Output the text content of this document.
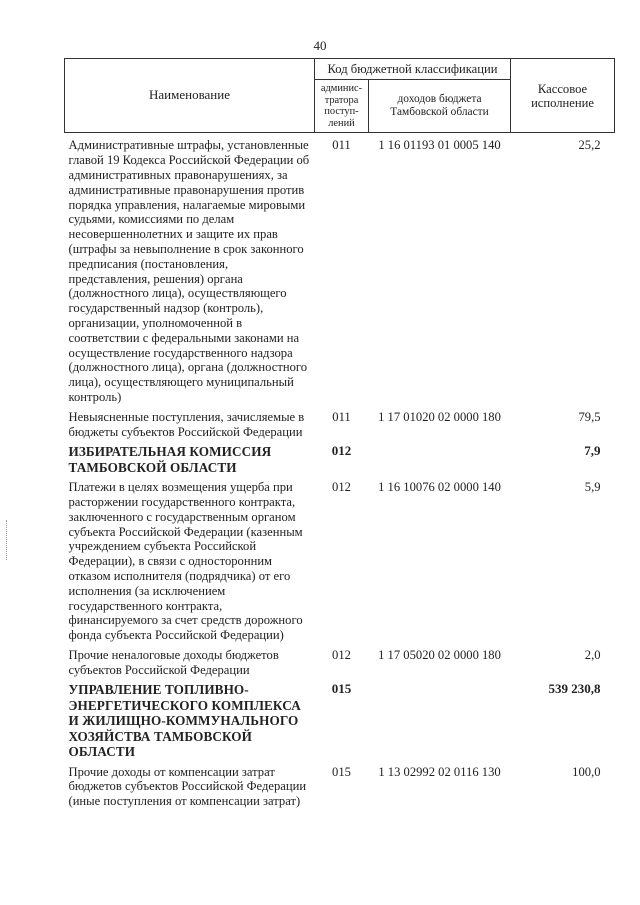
40
Наименование	Код бюджетной классификации		Кассовое исполнение
	админис-тратора поступ-лений	доходов бюджета Тамбовской области	
Административные штрафы, установленные главой 19 Кодекса Российской Федерации об административных правонарушениях, за административные правонарушения против порядка управления, налагаемые мировыми судьями, комиссиями по делам несовершеннолетних и защите их прав (штрафы за невыполнение в срок законного предписания (постановления, представления, решения) органа (должностного лица), осуществляющего государственный надзор (контроль), организации, уполномоченной в соответствии с федеральными законами на осуществление государственного надзора (должностного лица), органа (должностного лица), осуществляющего муниципальный контроль)	011	1 16 01193 01 0005 140	25,2
Невыясненные поступления, зачисляемые в бюджеты субъектов Российской Федерации	011	1 17 01020 02 0000 180	79,5
ИЗБИРАТЕЛЬНАЯ КОМИССИЯ ТАМБОВСКОЙ ОБЛАСТИ	012		7,9
Платежи в целях возмещения ущерба при расторжении государственного контракта, заключенного с государственным органом субъекта Российской Федерации (казенным учреждением субъекта Российской Федерации), в связи с односторонним отказом исполнителя (подрядчика) от его исполнения (за исключением государственного контракта, финансируемого за счет средств дорожного фонда субъекта Российской Федерации)	012	1 16 10076 02 0000 140	5,9
Прочие неналоговые доходы бюджетов субъектов Российской Федерации	012	1 17 05020 02 0000 180	2,0
УПРАВЛЕНИЕ ТОПЛИВНО-ЭНЕРГЕТИЧЕСКОГО КОМПЛЕКСА И ЖИЛИЩНО-КОММУНАЛЬНОГО ХОЗЯЙСТВА ТАМБОВСКОЙ ОБЛАСТИ	015		539 230,8
Прочие доходы от компенсации затрат бюджетов субъектов Российской Федерации (иные поступления от компенсации затрат)	015	1 13 02992 02 0116 130	100,0
